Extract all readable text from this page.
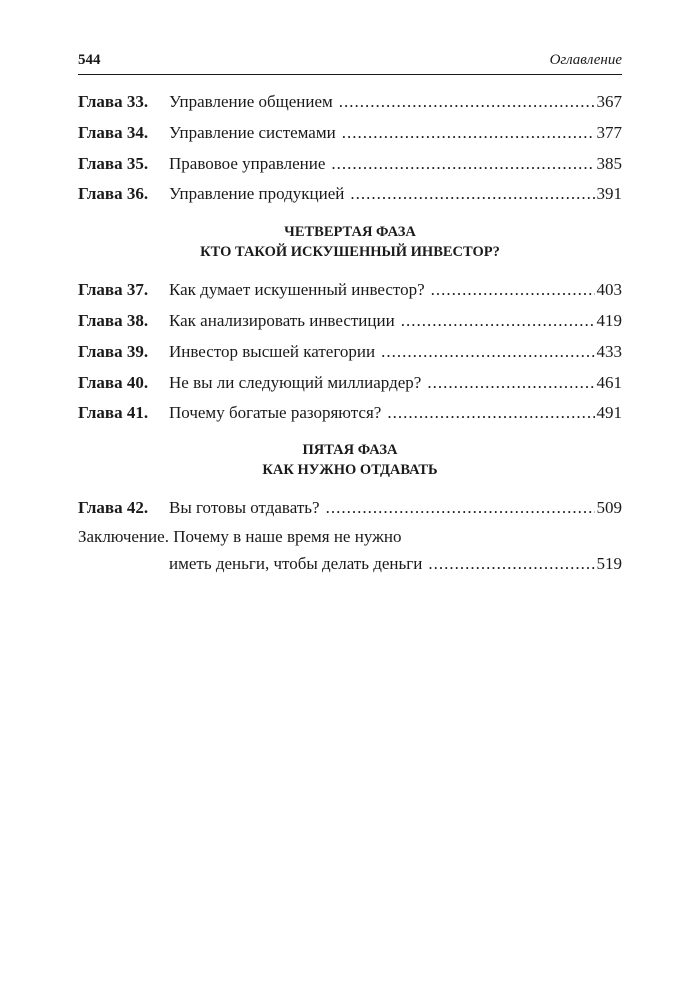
544	Оглавление
Глава 33.	Управление общением .....	367
Глава 34.	Управление системами .....	377
Глава 35.	Правовое управление .....	385
Глава 36.	Управление продукцией .....	391
ЧЕТВЕРТАЯ ФАЗА
КТО ТАКОЙ ИСКУШЕННЫЙ ИНВЕСТОР?
Глава 37.	Как думает искушенный инвестор? .....	403
Глава 38.	Как анализировать инвестиции .....	419
Глава 39.	Инвестор высшей категории .....	433
Глава 40.	Не вы ли следующий миллиардер? .....	461
Глава 41.	Почему богатые разоряются? .....	491
ПЯТАЯ ФАЗА
КАК НУЖНО ОТДАВАТЬ
Глава 42.	Вы готовы отдавать? .....	509
Заключение. Почему в наше время не нужно
иметь деньги, чтобы делать деньги .....	519
